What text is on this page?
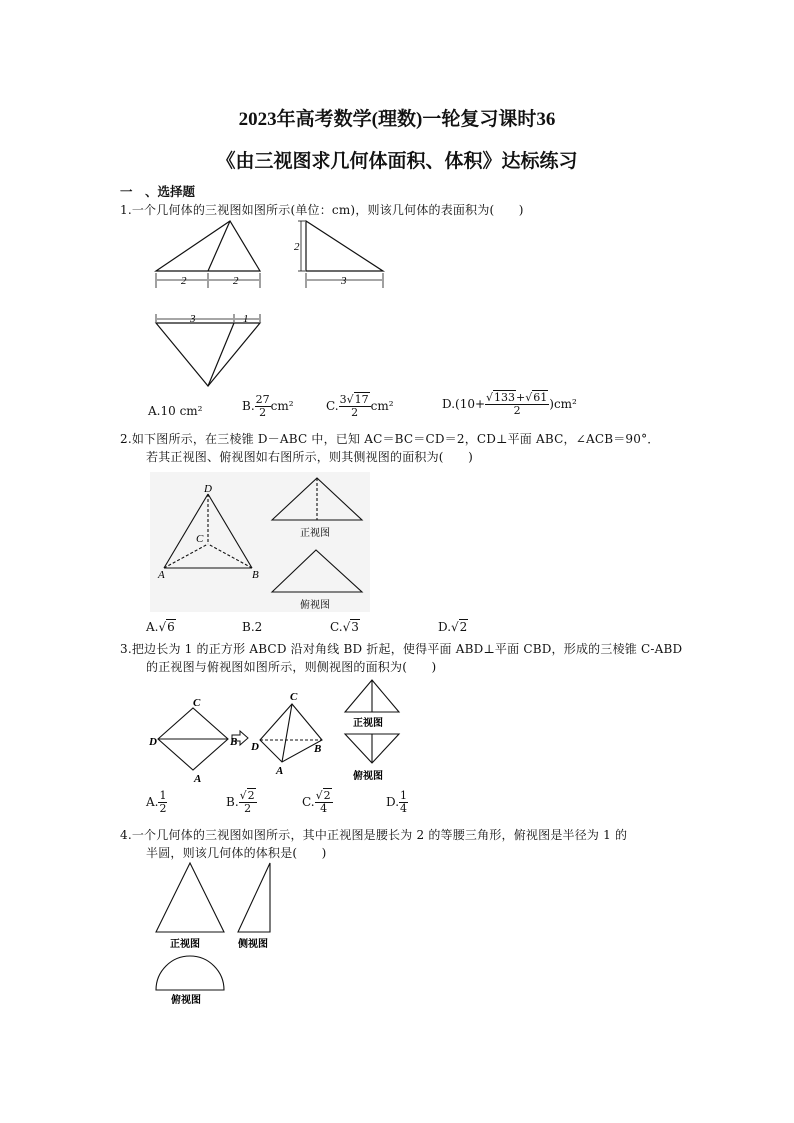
2023年高考数学(理数)一轮复习课时36
《由三视图求几何体面积、体积》达标练习
一　、选择题
1.一个几何体的三视图如图所示(单位：cm)，则该几何体的表面积为(　　)
2	2
2
3
3	1
A.10 cm²	B. $\frac{27}{2} cm^2$	C. $\frac{3√17}{2} cm^2$	$D.(10+ \frac{√133+√61}{2} )cm^2$
2.如下图所示，在三棱锥 D－ABC 中，已知 AC＝BC＝CD＝2，CD⊥平面 ABC，∠ACB＝90°．
若其正视图、俯视图如右图所示，则其侧视图的面积为(　　)
D
C
A	B
正视图
俯视图
A.√6	B.2	C.√3	D.√2
3.把边长为 1 的正方形 ABCD 沿对角线 BD 折起，使得平面 ABD⊥平面 CBD，形成的三棱锥 C-ABD
的正视图与俯视图如图所示，则侧视图的面积为(　　)
C
D	B
A
C
D	B
A
正视图
俯视图
A. $\frac{1}{2}$	B. $\frac{√2}{2}$	C. $\frac{√2}{4}$	D. $\frac{1}{4}$
4.一个几何体的三视图如图所示，其中正视图是腰长为 2 的等腰三角形，俯视图是半径为 1 的
半圆，则该几何体的体积是(　　)
正视图	侧视图
俯视图
